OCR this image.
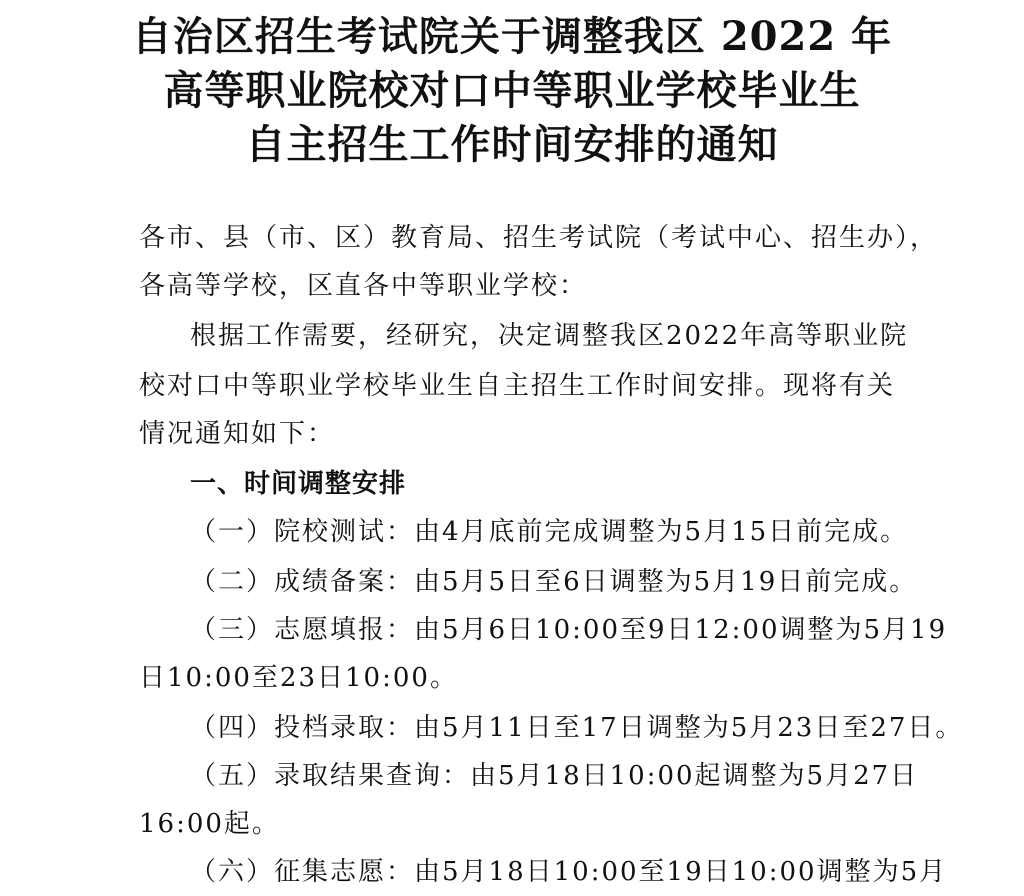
自治区招生考试院关于调整我区 2022 年
高等职业院校对口中等职业学校毕业生
自主招生工作时间安排的通知
各市、县（市、区）教育局、招生考试院（考试中心、招生办），
各高等学校，区直各中等职业学校：
根据工作需要，经研究，决定调整我区2022年高等职业院
校对口中等职业学校毕业生自主招生工作时间安排。现将有关
情况通知如下：
一、时间调整安排
（一）院校测试：由4月底前完成调整为5月15日前完成。
（二）成绩备案：由5月5日至6日调整为5月19日前完成。
（三）志愿填报：由5月6日10:00至9日12:00调整为5月19
日10:00至23日10:00。
（四）投档录取：由5月11日至17日调整为5月23日至27日。
（五）录取结果查询：由5月18日10:00起调整为5月27日
16:00起。
（六）征集志愿：由5月18日10:00至19日10:00调整为5月
